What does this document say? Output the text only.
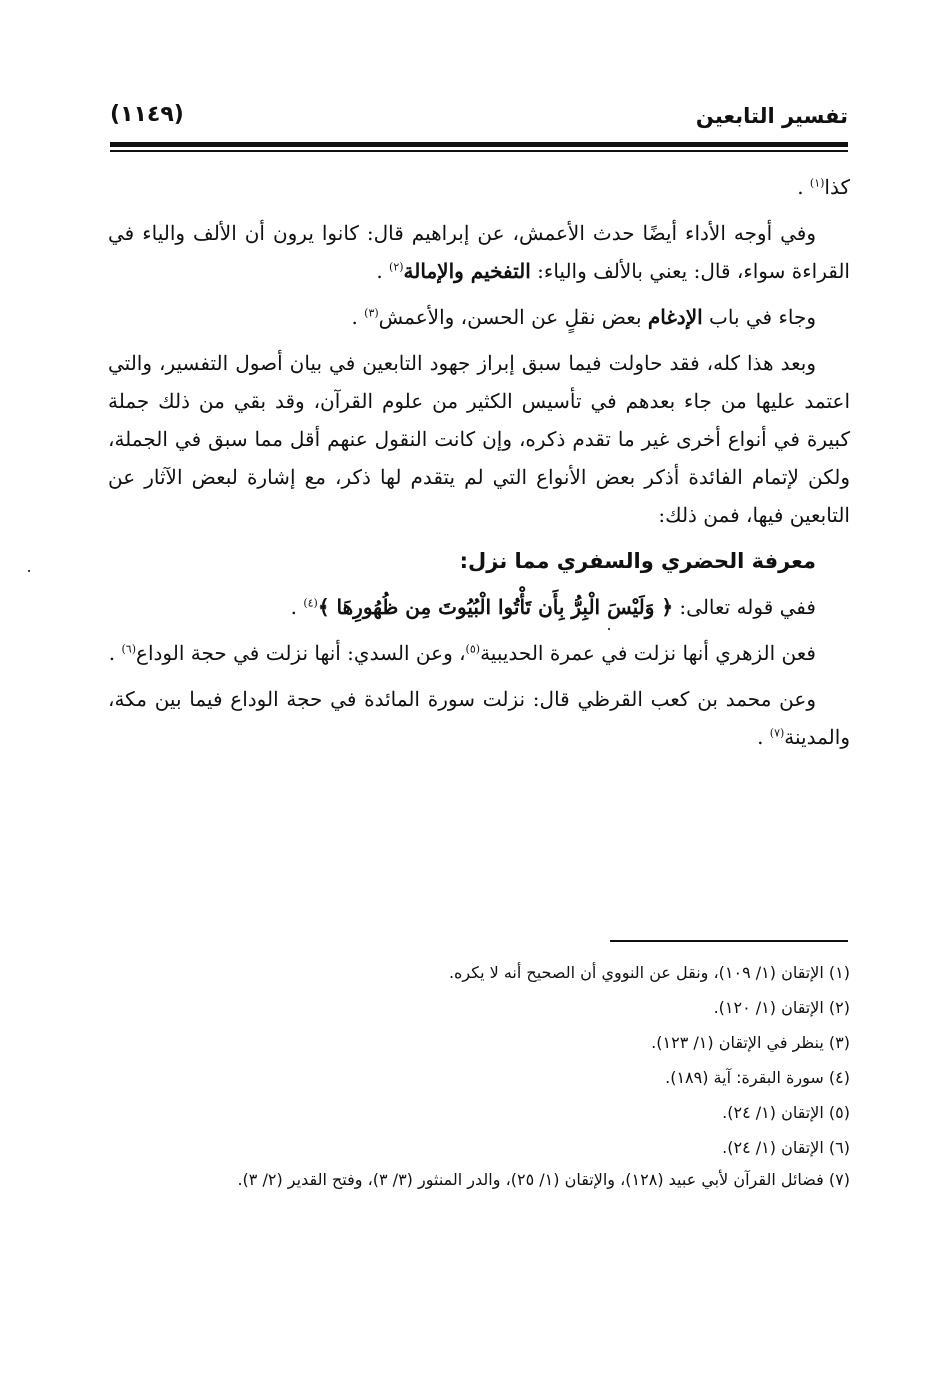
تفسير التابعين
(١١٤٩)

كذا$^{(١)}$ .

وفي أوجه الأداء أيضًا حدث الأعمش، عن إبراهيم قال: كانوا يرون أن الألف والياء في القراءة سواء، قال: يعني بالألف والياء: التفخيم والإمالة$^{(٢)}$ .

وجاء في باب الإدغام بعض نقلٍ عن الحسن، والأعمش$^{(٣)}$ .

وبعد هذا كله، فقد حاولت فيما سبق إبراز جهود التابعين في بيان أصول التفسير، والتي اعتمد عليها من جاء بعدهم في تأسيس الكثير من علوم القرآن، وقد بقي من ذلك جملة كبيرة في أنواع أخرى غير ما تقدم ذكره، وإن كانت النقول عنهم أقل مما سبق في الجملة، ولكن لإتمام الفائدة أذكر بعض الأنواع التي لم يتقدم لها ذكر، مع إشارة لبعض الآثار عن التابعين فيها، فمن ذلك:

معرفة الحضري والسفري مما نزل:

ففي قوله تعالى: ﴿ وَلَيْسَ الْبِرُّ بِأَن تَأْتُوا الْبُيُوتَ مِن ظُهُورِهَا ﴾$^{(٤)}$ .

فعن الزهري أنها نزلت في عمرة الحديبية$^{(٥)}$، وعن السدي: أنها نزلت في حجة الوداع$^{(٦)}$ .

وعن محمد بن كعب القرظي قال: نزلت سورة المائدة في حجة الوداع فيما بين مكة، والمدينة$^{(٧)}$ .

(١) الإتقان (١/ ١٠٩)، ونقل عن النووي أن الصحيح أنه لا يكره.
(٢) الإتقان (١/ ١٢٠).
(٣) ينظر في الإتقان (١/ ١٢٣).
(٤) سورة البقرة: آية (١٨٩).
(٥) الإتقان (١/ ٢٤).
(٦) الإتقان (١/ ٢٤).
(٧) فضائل القرآن لأبي عبيد (١٢٨)، والإتقان (١/ ٢٥)، والدر المنثور (٣/ ٣)، وفتح القدير (٢/ ٣).
